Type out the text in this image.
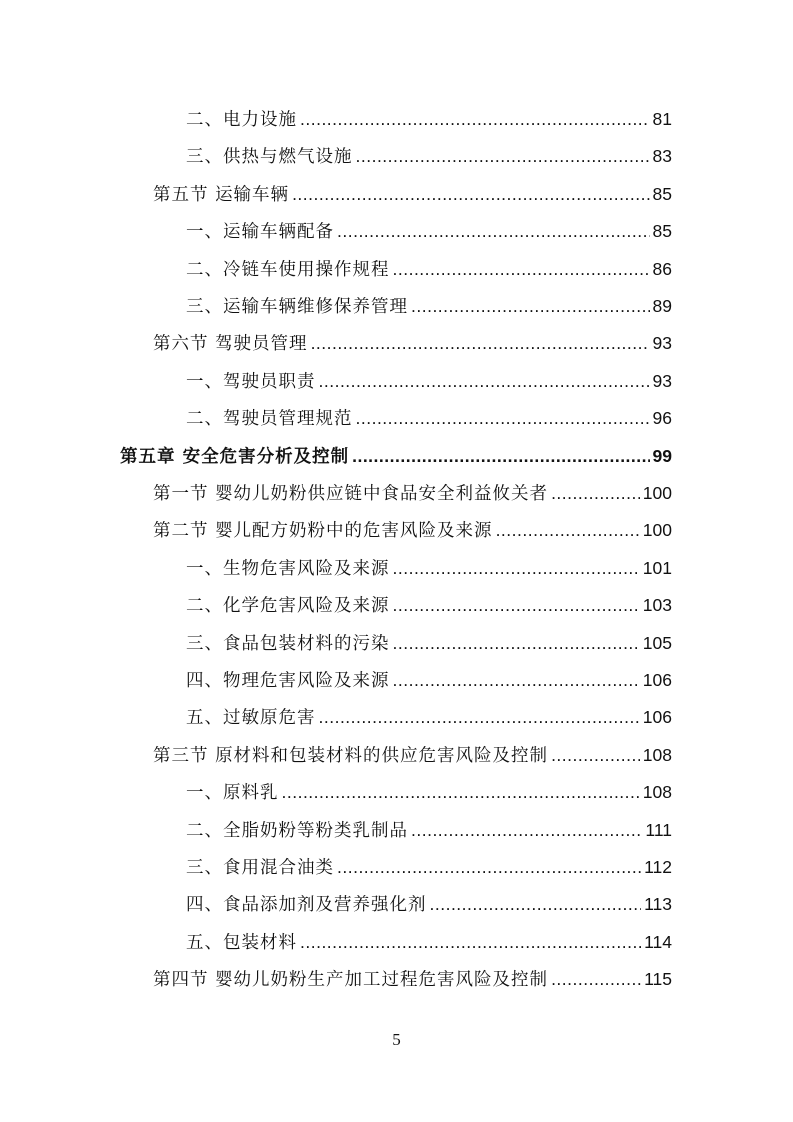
二、电力设施 .....	81
三、供热与燃气设施 .....	83
第五节 运输车辆 .....	85
一、运输车辆配备 .....	85
二、冷链车使用操作规程 .....	86
三、运输车辆维修保养管理 .....	89
第六节 驾驶员管理 .....	93
一、驾驶员职责 .....	93
二、驾驶员管理规范 .....	96
第五章 安全危害分析及控制 .....	99
第一节 婴幼儿奶粉供应链中食品安全利益攸关者 .....	100
第二节 婴儿配方奶粉中的危害风险及来源 .....	100
一、生物危害风险及来源 .....	101
二、化学危害风险及来源 .....	103
三、食品包装材料的污染 .....	105
四、物理危害风险及来源 .....	106
五、过敏原危害 .....	106
第三节 原材料和包装材料的供应危害风险及控制 .....	108
一、原料乳 .....	108
二、全脂奶粉等粉类乳制品 .....	111
三、食用混合油类 .....	112
四、食品添加剂及营养强化剂 .....	113
五、包装材料 .....	114
第四节 婴幼儿奶粉生产加工过程危害风险及控制 .....	115
5
